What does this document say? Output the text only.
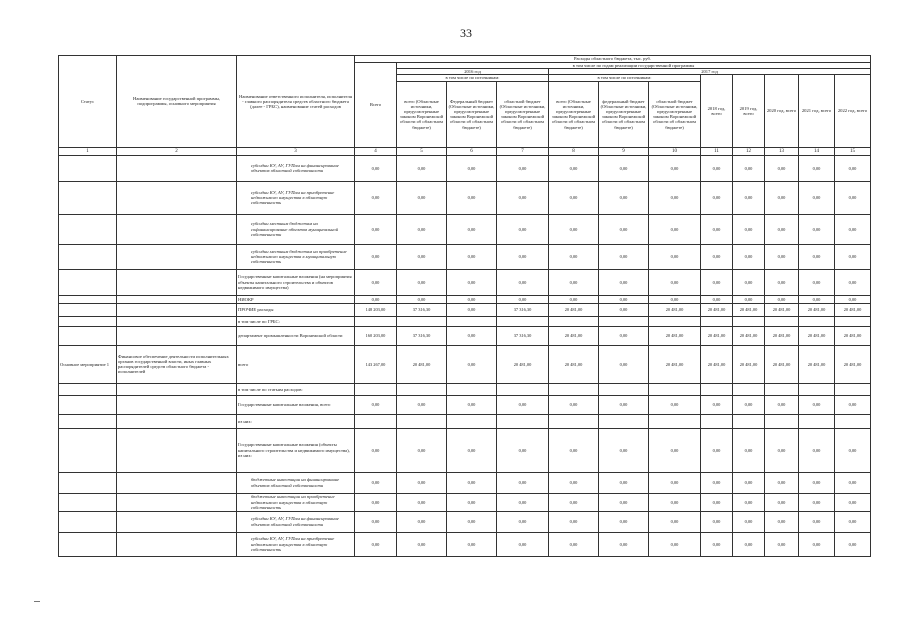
33
Статус	Наименование государственной программы, подпрограммы, основного мероприятия	Наименование ответственного исполнителя, исполнителя - главного распорядителя средств областного бюджета (далее - ГРБС), наименование статей расходов	Расходы областного бюджета, тыс. руб.											
			Всего	в том числе по годам реализации государственной программы										
				2016 год			2017 год							
				в том числе по источникам:			в том числе по источникам:			2018 год, всего	2019 год, всего	2020 год, всего	2021 год, всего	2022 год, всего
				всего (Областные источники, предусмотренные законом Воронежской области об областном бюджете)	Федеральный бюджет (Областные источники, предусмотренные законом Воронежской области об областном бюджете)	областной бюджет (Областные источники, предусмотренные законом Воронежской области об областном бюджете)	всего (Областные источники, предусмотренные законом Воронежской области об областном бюджете)	федеральный бюджет (Областные источники, предусмотренные законом Воронежской области об областном бюджете)	областной бюджет (Областные источники, предусмотренные законом Воронежской области об областном бюджете)					
1	2	3	4	5	6	7	8	9	10	11	12	13	14	15
		субсидии КУ, АУ, ГУПам на финансирование объектов областной собственности	0,00	0,00	0,00	0,00	0,00	0,00	0,00	0,00	0,00	0,00	0,00	0,00
		субсидии КУ, АУ, ГУПам на приобретение недвижимого имущества в областную собственность	0,00	0,00	0,00	0,00	0,00	0,00	0,00	0,00	0,00	0,00	0,00	0,00
		субсидии местным бюджетам на софинансирование объектов муниципальной собственности	0,00	0,00	0,00	0,00	0,00	0,00	0,00	0,00	0,00	0,00	0,00	0,00
		субсидии местным бюджетам на приобретение недвижимого имущества в муниципальную собственность	0,00	0,00	0,00	0,00	0,00	0,00	0,00	0,00	0,00	0,00	0,00	0,00
		Государственные капитальные вложения (на мероприятия объекты капитального строительства и объектов недвижимого имущества)	0,00	0,00	0,00	0,00	0,00	0,00	0,00	0,00	0,00	0,00	0,00	0,00
		НИОКР	0,00	0,00	0,00	0,00	0,00	0,00	0,00	0,00	0,00	0,00	0,00	0,00
		ПРОЧИЕ расходы	148 203,00	37 316,30	0,00	37 316,30	20 481,00	0,00	20 481,00	20 481,00	20 481,00	20 481,00	20 481,00	20 481,00
		в том числе по ГРБС:												
		департамент промышленности Воронежской области	160 203,00	37 316,30	0,00	37 316,30	20 481,00	0,00	20 481,00	20 481,00	20 481,00	20 481,00	20 481,00	20 481,00
Основное мероприятие 1	Финансовое обеспечение деятельности исполнительных органов государственной власти, иных главных распорядителей средств областного бюджета - исполнителей	всего	143 267,00	20 481,00	0,00	20 481,00	20 481,00	0,00	20 481,00	20 481,00	20 481,00	20 481,00	20 481,00	20 481,00
		в том числе по статьям расходов:												
		Государственные капитальные вложения, всего	0,00	0,00	0,00	0,00	0,00	0,00	0,00	0,00	0,00	0,00	0,00	0,00
		из них:												
		Государственные капитальные вложения (объекты капитального строительства и недвижимого имущества), из них:	0,00	0,00	0,00	0,00	0,00	0,00	0,00	0,00	0,00	0,00	0,00	0,00
		бюджетные инвестиции на финансирование объектов областной собственности	0,00	0,00	0,00	0,00	0,00	0,00	0,00	0,00	0,00	0,00	0,00	0,00
		бюджетные инвестиции на приобретение недвижимого имущества в областную собственность	0,00	0,00	0,00	0,00	0,00	0,00	0,00	0,00	0,00	0,00	0,00	0,00
		субсидии КУ, АУ, ГУПам на финансирование объектов областной собственности	0,00	0,00	0,00	0,00	0,00	0,00	0,00	0,00	0,00	0,00	0,00	0,00
		субсидии КУ, АУ, ГУПам на приобретение недвижимого имущества в областную собственность	0,00	0,00	0,00	0,00	0,00	0,00	0,00	0,00	0,00	0,00	0,00	0,00
